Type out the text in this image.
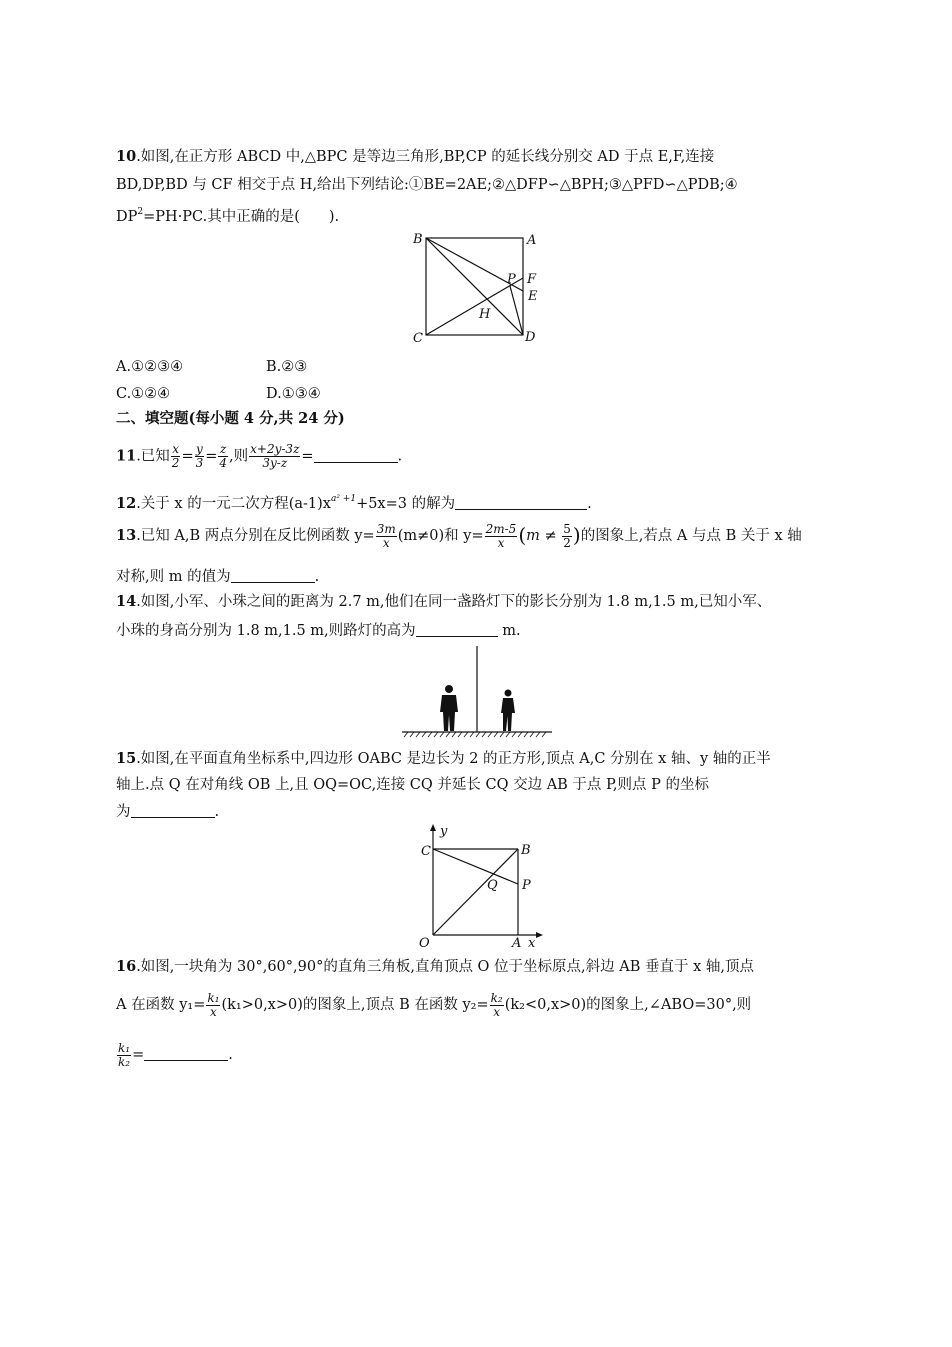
10.如图,在正方形 ABCD 中,△BPC 是等边三角形,BP,CP 的延长线分别交 AD 于点 E,F,连接
BD,DP,BD 与 CF 相交于点 H,给出下列结论:①BE=2AE;②△DFP∽△BPH;③△PFD∽△PDB;④
$DP^2=PH\cdot PC$.其中正确的是(　　).
B	A
C	D
P F
E
H
A.①②③④	B.②③
C.①②④	D.①③④
二、填空题(每小题 4 分,共 24 分)
11.已知 $\frac{x}{2} = \frac{y}{3} = \frac{z}{4}$ ,则 $\frac{x+2y-3z}{3y-z}$ =	.
12.关于 x 的一元二次方程$(a-1)x^{a^2 +1}+5x=3$ 的解为	.
13.已知 A,B 两点分别在反比例函数 $y= \frac{3m}{x} (m\ne 0)$和 $y= \frac{2m-5}{x} (m \ne \frac{5}{2}$ )的图象上,若点 A 与点 B 关于 x 轴
对称,则 m 的值为	.
14.如图,小军、小珠之间的距离为 2.7 m,他们在同一盏路灯下的影长分别为 1.8 m,1.5 m,已知小军、
小珠的身高分别为 1.8 m,1.5 m,则路灯的高为	m.
15.如图,在平面直角坐标系中,四边形 OABC 是边长为 2 的正方形,顶点 A,C 分别在 x 轴、y 轴的正半
轴上.点 Q 在对角线 OB 上,且 OQ=OC,连接 CQ 并延长 CQ 交边 AB 于点 P,则点 P 的坐标
为	.
y
C	B
Q P
O	A x
16.如图,一块角为 30°,60°,90°的直角三角板,直角顶点 O 位于坐标原点,斜边 AB 垂直于 x 轴,顶点
A 在函数 $y_1= \frac{\text{k₁}}{x} (k_1>0,x>0)$的图象上,顶点 B 在函数 $y_2= \frac{\text{k₂}}{x} (k_2<0,x>0)$的图象上,∠ABO=30°,则
$\frac{\text{k₁}}{\text{k₂}}$ =	.
